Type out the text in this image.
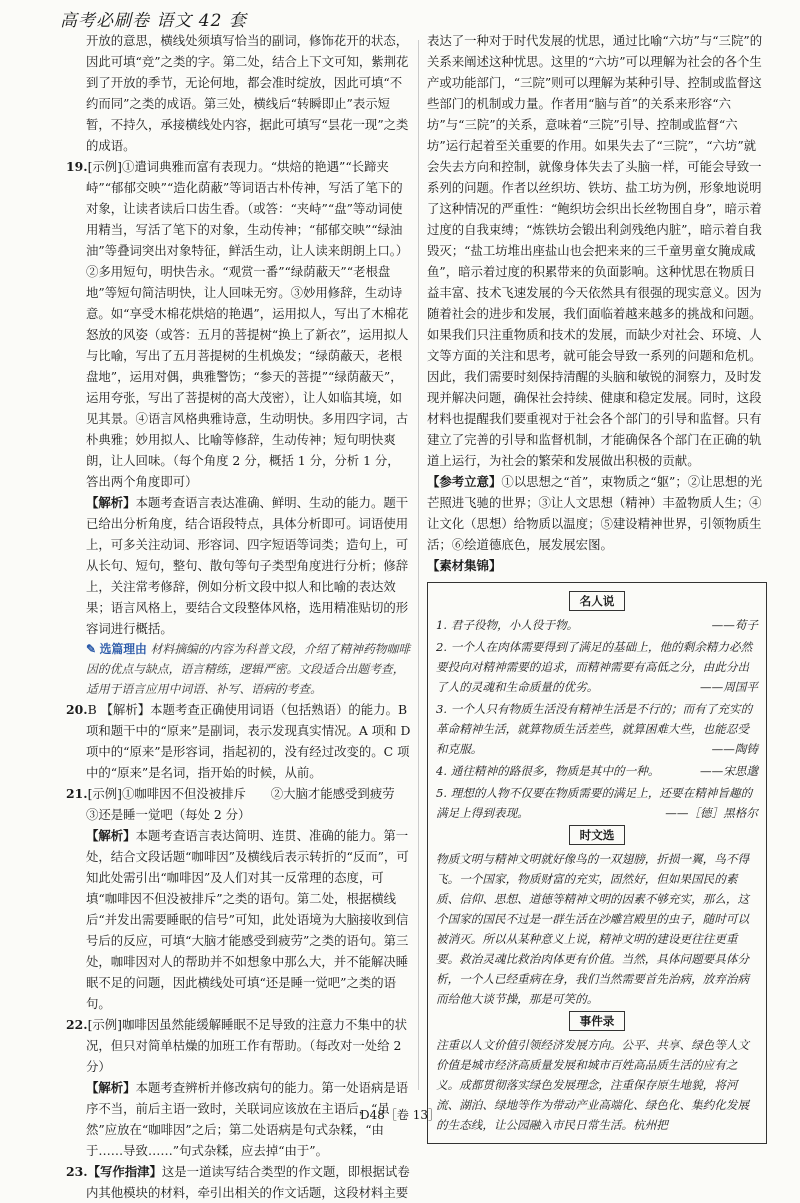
高考必刷卷 语文 42 套

开放的意思，横线处须填写恰当的副词，修饰花开的状态，因此可填“竞”之类的字。第二处，结合上下文可知，紫荆花到了开放的季节，无论何地，都会准时绽放，因此可填“不约而同”之类的成语。第三处，横线后“转瞬即止”表示短暂，不持久，承接横线处内容，据此可填写“昙花一现”之类的成语。

19.[示例]①遣词典雅而富有表现力。“烘焙的艳遇”“长蹄夹峙”“郁郁交映”“造化荫蔽”等词语古朴传神，写活了笔下的对象，让读者读后口齿生香。（或答：“夹峙”“盘”等动词使用精当，写活了笔下的对象，生动传神；“郁郁交映”“绿油油”等叠词突出对象特征，鲜活生动，让人读来朗朗上口。）②多用短句，明快告永。“观赏一番”“绿荫蔽天”“老根盘地”等短句简洁明快，让人回味无穷。③妙用修辞，生动诗意。如“享受木棉花烘焙的艳遇”，运用拟人，写出了木棉花怒放的风姿（或答：五月的菩提树“换上了新衣”，运用拟人与比喻，写出了五月菩提树的生机焕发；“绿荫蔽天，老根盘地”，运用对偶，典雅警饬；“参天的菩提”“绿荫蔽天”，运用夸张，写出了菩提树的高大茂密），让人如临其境，如见其景。④语言风格典雅诗意，生动明快。多用四字词，古朴典雅；妙用拟人、比喻等修辞，生动传神；短句明快爽朗，让人回味。（每个角度 2 分，概括 1 分，分析 1 分，答出两个角度即可）

【解析】本题考查语言表达准确、鲜明、生动的能力。题干已给出分析角度，结合语段特点，具体分析即可。词语使用上，可多关注动词、形容词、四字短语等词类；造句上，可从长句、短句，整句、散句等句子类型角度进行分析；修辞上，关注常考修辞，例如分析文段中拟人和比喻的表达效果；语言风格上，要结合文段整体风格，选用精准贴切的形容词进行概括。

✎ 选篇理由 材料摘编的内容为科普文段，介绍了精神药物咖啡因的优点与缺点，语言精练，逻辑严密。文段适合出题考查，适用于语言应用中词语、补写、语病的考查。

20.B 【解析】本题考查正确使用词语（包括熟语）的能力。B项和题干中的“原来”是副词，表示发现真实情况。A 项和 D 项中的“原来”是形容词，指起初的，没有经过改变的。C 项中的“原来”是名词，指开始的时候，从前。

21.[示例]①咖啡因不但没被排斥　　②大脑才能感受到疲劳　③还是睡一觉吧（每处 2 分）

【解析】本题考查语言表达简明、连贯、准确的能力。第一处，结合文段话题“咖啡因”及横线后表示转折的“反而”，可知此处需引出“咖啡因”及人们对其一反常理的态度，可填“咖啡因不但没被排斥”之类的语句。第二处，根据横线后“并发出需要睡眠的信号”可知，此处语境为大脑接收到信号后的反应，可填“大脑才能感受到疲劳”之类的语句。第三处，咖啡因对人的帮助并不如想象中那么大，并不能解决睡眠不足的问题，因此横线处可填“还是睡一觉吧”之类的语句。

22.[示例]咖啡因虽然能缓解睡眠不足导致的注意力不集中的状况，但只对简单枯燥的加班工作有帮助。（每改对一处给 2 分）

【解析】本题考查辨析并修改病句的能力。第一处语病是语序不当，前后主语一致时，关联词应该放在主语后，“虽然”应放在“咖啡因”之后；第二处语病是句式杂糅，“由于……导致……”句式杂糅，应去掉“由于”。

23.【写作指津】这是一道读写结合类型的作文题，即根据试卷内其他模块的材料，牵引出相关的作文话题，这段材料主要

表达了一种对于时代发展的忧思，通过比喻“六坊”与“三院”的关系来阐述这种忧思。这里的“六坊”可以理解为社会的各个生产或功能部门，“三院”则可以理解为某种引导、控制或监督这些部门的机制或力量。作者用“脑与首”的关系来形容“六坊”与“三院”的关系，意味着“三院”引导、控制或监督“六坊”运行起着至关重要的作用。如果失去了“三院”，“六坊”就会失去方向和控制，就像身体失去了头脑一样，可能会导致一系列的问题。作者以丝织坊、铁坊、盐工坊为例，形象地说明了这种情况的严重性：“鲍织坊会织出长丝物围自身”，暗示着过度的自我束缚；“炼铁坊会锻出利剑残绝内脏”，暗示着自我毁灭；“盐工坊堆出座盐山也会把来来的三千童男童女腌成咸鱼”，暗示着过度的积累带来的负面影响。这种忧思在物质日益丰富、技术飞速发展的今天依然具有很强的现实意义。因为随着社会的进步和发展，我们面临着越来越多的挑战和问题。如果我们只注重物质和技术的发展，而缺少对社会、环境、人文等方面的关注和思考，就可能会导致一系列的问题和危机。因此，我们需要时刻保持清醒的头脑和敏锐的洞察力，及时发现并解决问题，确保社会持续、健康和稳定发展。同时，这段材料也提醒我们要重视对于社会各个部门的引导和监督。只有建立了完善的引导和监督机制，才能确保各个部门在正确的轨道上运行，为社会的繁荣和发展做出积极的贡献。

【参考立意】①以思想之“首”，束物质之“躯”；②让思想的光芒照进飞驰的世界；③让人文思想（精神）丰盈物质人生；④让文化（思想）给物质以温度；⑤建设精神世界，引领物质生活；⑥绘道德底色，展发展宏图。

【素材集锦】

名人说
1. 君子役物，小人役于物。	——荀子
2. 一个人在肉体需要得到了满足的基础上，他的剩余精力必然要投向对精神需要的追求，而精神需要有高低之分，由此分出了人的灵魂和生命质量的优劣。	——周国平
3. 一个人只有物质生活没有精神生活是不行的；而有了充实的革命精神生活，就算物质生活差些，就算困难大些，也能忍受和克服。	——陶铸
4. 通往精神的路很多，物质是其中的一种。	——宋思邈
5. 理想的人物不仅要在物质需要的满足上，还要在精神旨趣的满足上得到表现。	——［德］黑格尔
时文选

物质文明与精神文明就好像鸟的一双翅膀，折损一翼，鸟不得飞。一个国家，物质财富的充实，固然好，但如果国民的素质、信仰、思想、道德等精神文明的因素不够充实，那么，这个国家的国民不过是一群生活在沙雕宫殿里的虫子，随时可以被消灭。所以从某种意义上说，精神文明的建设更往往更重要。救治灵魂比救治肉体更有价值。当然，具体问题要具体分析，一个人已经重病在身，我们当然需要首先治病，放弃治病而给他大谈节操，那是可笑的。

事件录

注重以人文价值引领经济发展方向。公平、共享、绿色等人文价值是城市经济高质量发展和城市百姓高品质生活的应有之义。成都贯彻落实绿色发展理念，注重保存原生地貌，将河流、湖泊、绿地等作为带动产业高端化、绿色化、集约化发展的生态线，让公园融入市民日常生活。杭州把

D48［卷 13］
